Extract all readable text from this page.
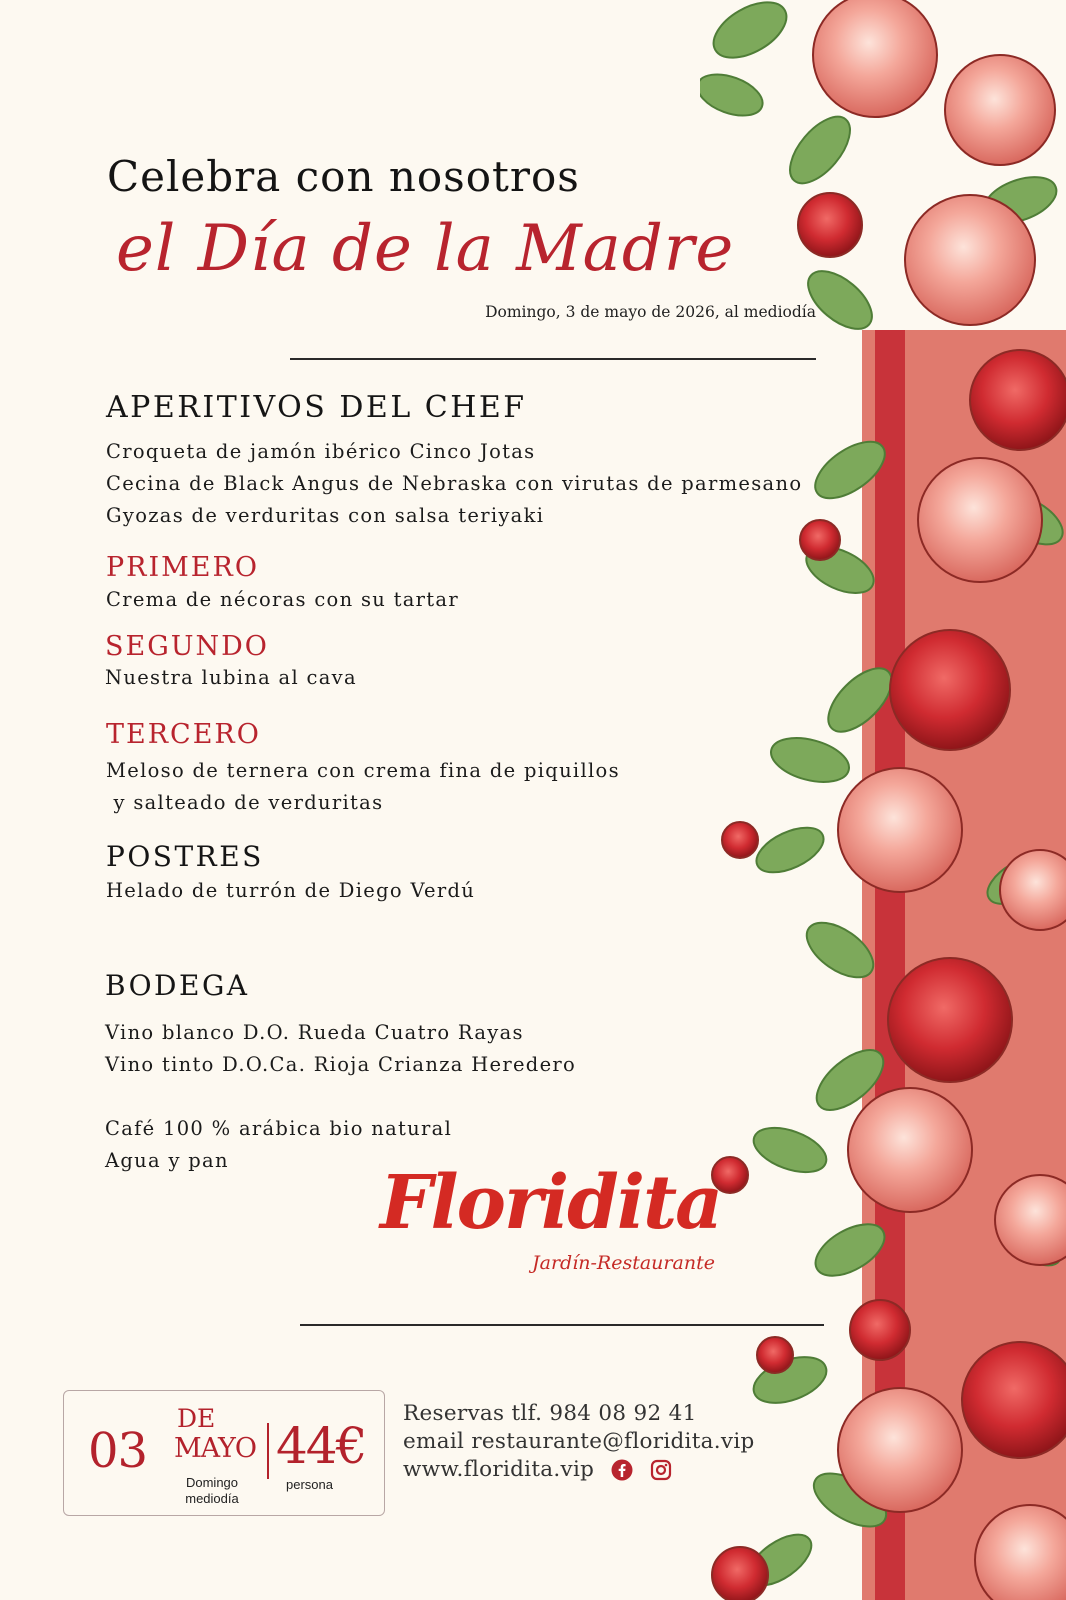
Celebra con nosotros
el Día de la Madre
Domingo, 3 de mayo de 2026, al mediodía
APERITIVOS DEL CHEF
Croqueta de jamón ibérico Cinco Jotas
Cecina de Black Angus de Nebraska con virutas de parmesano
Gyozas de verduritas con salsa teriyaki
PRIMERO
Crema de nécoras con su tartar
SEGUNDO
Nuestra lubina al cava
TERCERO
Meloso de ternera con crema fina de piquillos
y salteado de verduritas
POSTRES
Helado de turrón de Diego Verdú
BODEGA
Vino blanco D.O. Rueda Cuatro Rayas
Vino tinto D.O.Ca. Rioja Crianza Heredero
Café 100 % arábica bio natural
Agua y pan Floridita
Jardín-Restaurante
03
DE
MAYO
Domingo mediodía
44€
persona
Reservas tlf. 984 08 92 41
email restaurante@floridita.vip
www.floridita.vip
